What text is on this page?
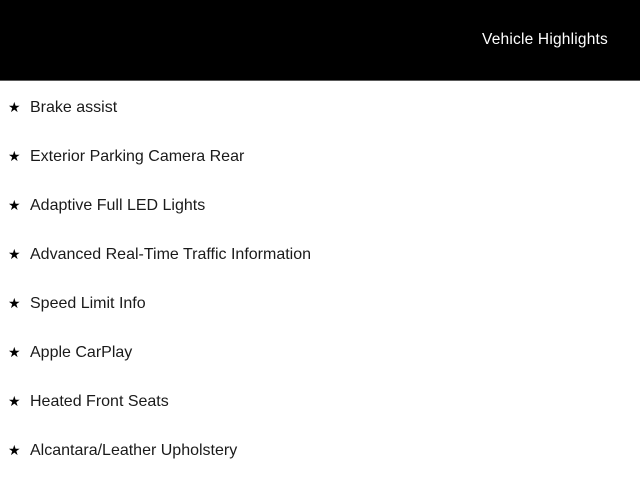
Vehicle Highlights
★ Brake assist
★ Exterior Parking Camera Rear
★ Adaptive Full LED Lights
★ Advanced Real-Time Traffic Information
★ Speed Limit Info
★ Apple CarPlay
★ Heated Front Seats
★ Alcantara/Leather Upholstery
